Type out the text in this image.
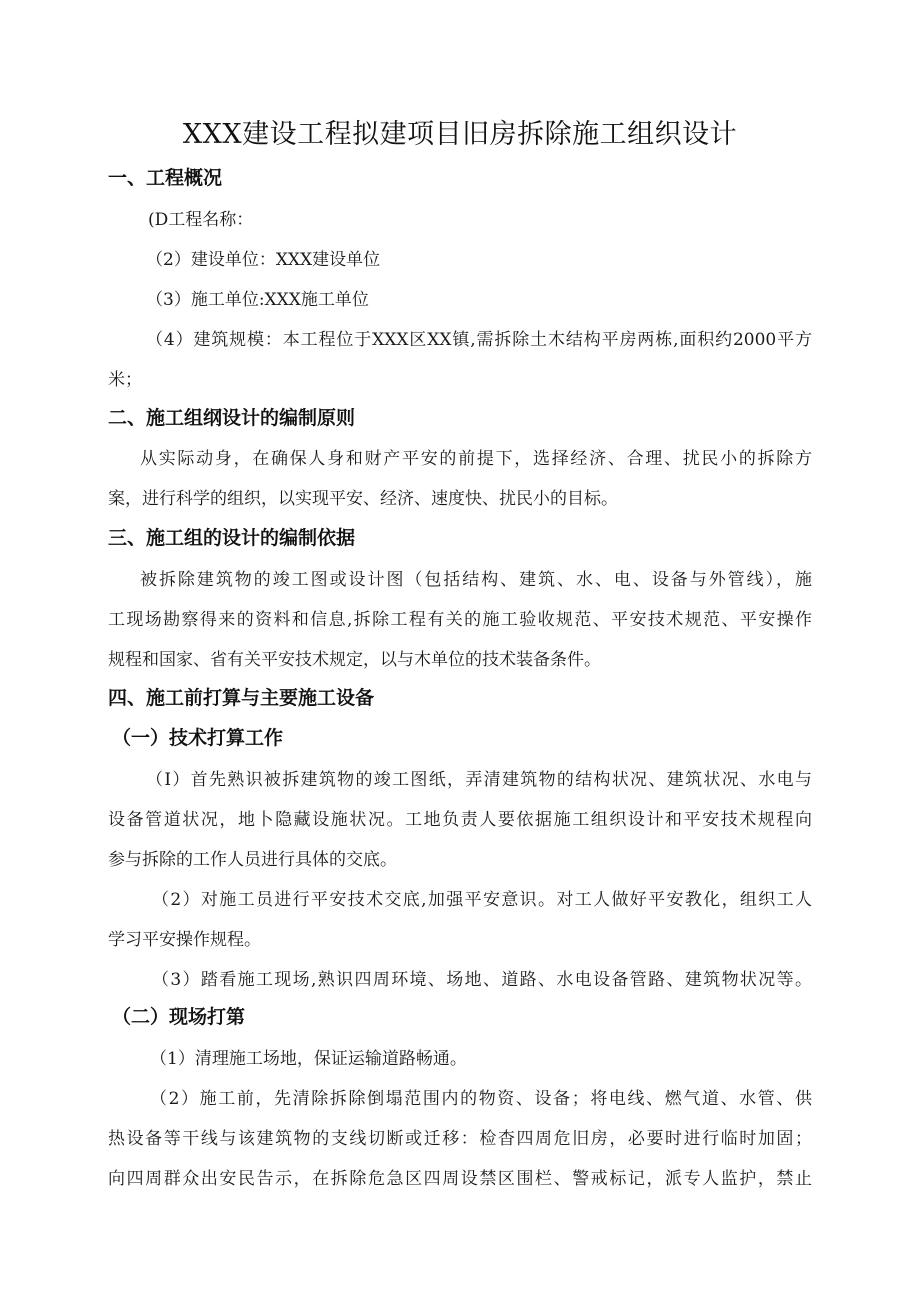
XXX建设工程拟建项目旧房拆除施工组织设计
一、工程概况
(D工程名称：
（2）建设单位：XXX建设单位
（3）施工单位:XXX施工单位
（4）建筑规模：本工程位于XXX区XX镇,需拆除土木结构平房两栋,面积约2000平方
米；
二、施工组纲设计的编制原则
从实际动身，在确保人身和财产平安的前提下，选择经济、合理、扰民小的拆除方
案，进行科学的组织，以实现平安、经济、速度快、扰民小的目标。
三、施工组的设计的编制依据
被拆除建筑物的竣工图或设计图（包括结构、建筑、水、电、设备与外管线），施
工现场勘察得来的资料和信息,拆除工程有关的施工验收规范、平安技术规范、平安操作
规程和国家、省有关平安技术规定，以与木单位的技术装备条件。
四、施工前打算与主要施工设备
（一）技术打算工作
（I）首先熟识被拆建筑物的竣工图纸，弄清建筑物的结构状况、建筑状况、水电与
设备管道状况，地卜隐藏设施状况。工地负责人要依据施工组织设计和平安技术规程向
参与拆除的工作人员进行具体的交底。
（2）对施工员进行平安技术交底,加强平安意识。对工人做好平安教化，组织工人
学习平安操作规程。
（3）踏看施工现场,熟识四周环境、场地、道路、水电设备管路、建筑物状况等。
（二）现场打第
（1）清理施工场地，保证运输道路畅通。
（2）施工前，先清除拆除倒塌范围内的物资、设备；将电线、燃气道、水管、供
热设备等干线与该建筑物的支线切断或迁移：检杳四周危旧房，必要时进行临时加固；
向四周群众出安民告示，在拆除危急区四周设禁区围栏、警戒标记，派专人监护，禁止
